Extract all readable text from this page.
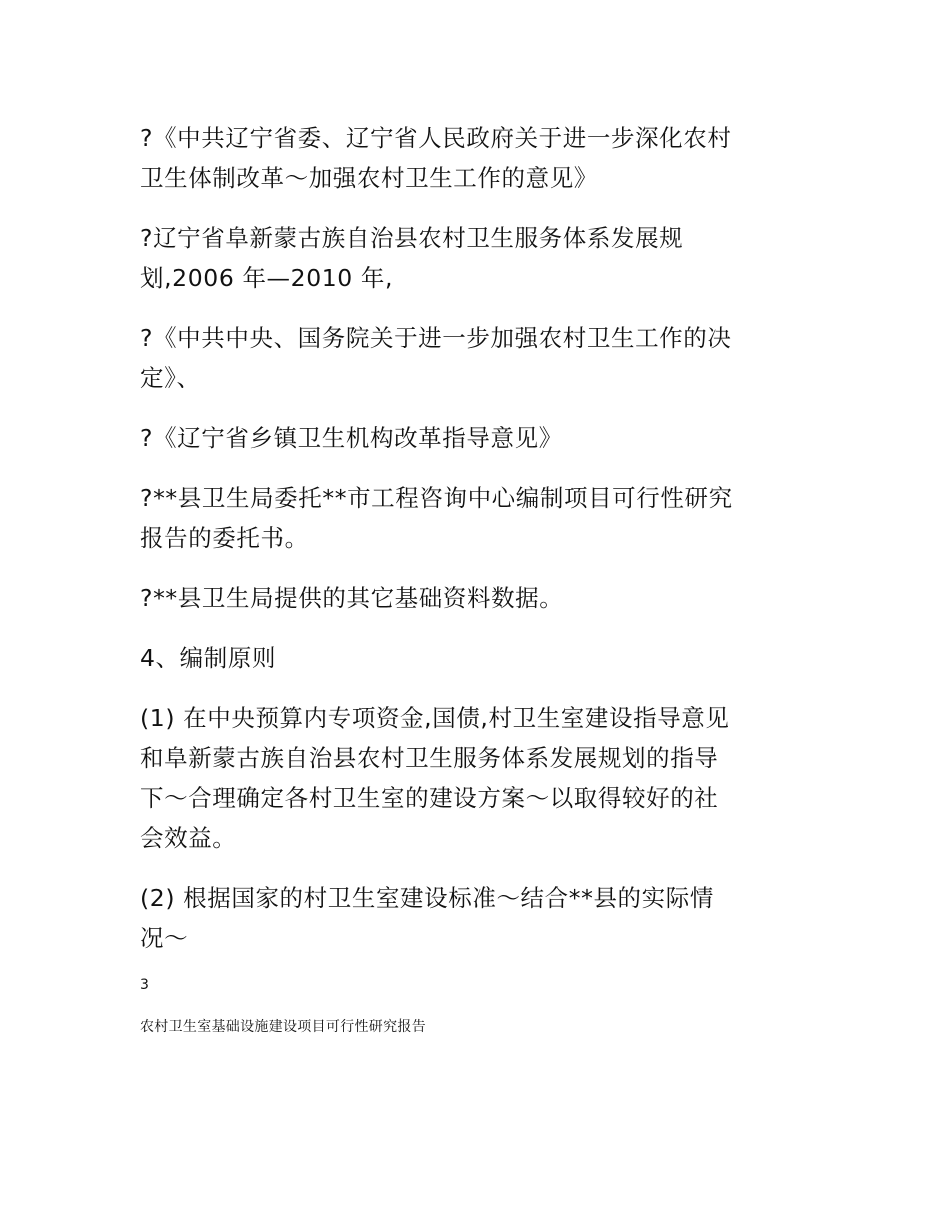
?《中共辽宁省委、辽宁省人民政府关于进一步深化农村
卫生体制改革～加强农村卫生工作的意见》

?辽宁省阜新蒙古族自治县农村卫生服务体系发展规
划,2006 年—2010 年,

?《中共中央、国务院关于进一步加强农村卫生工作的决
定》、

?《辽宁省乡镇卫生机构改革指导意见》

?**县卫生局委托**市工程咨询中心编制项目可行性研究
报告的委托书。

?**县卫生局提供的其它基础资料数据。

4、编制原则

(1) 在中央预算内专项资金,国债,村卫生室建设指导意见
和阜新蒙古族自治县农村卫生服务体系发展规划的指导
下～合理确定各村卫生室的建设方案～以取得较好的社
会效益。

(2) 根据国家的村卫生室建设标准～结合**县的实际情
况～

3
农村卫生室基础设施建设项目可行性研究报告
